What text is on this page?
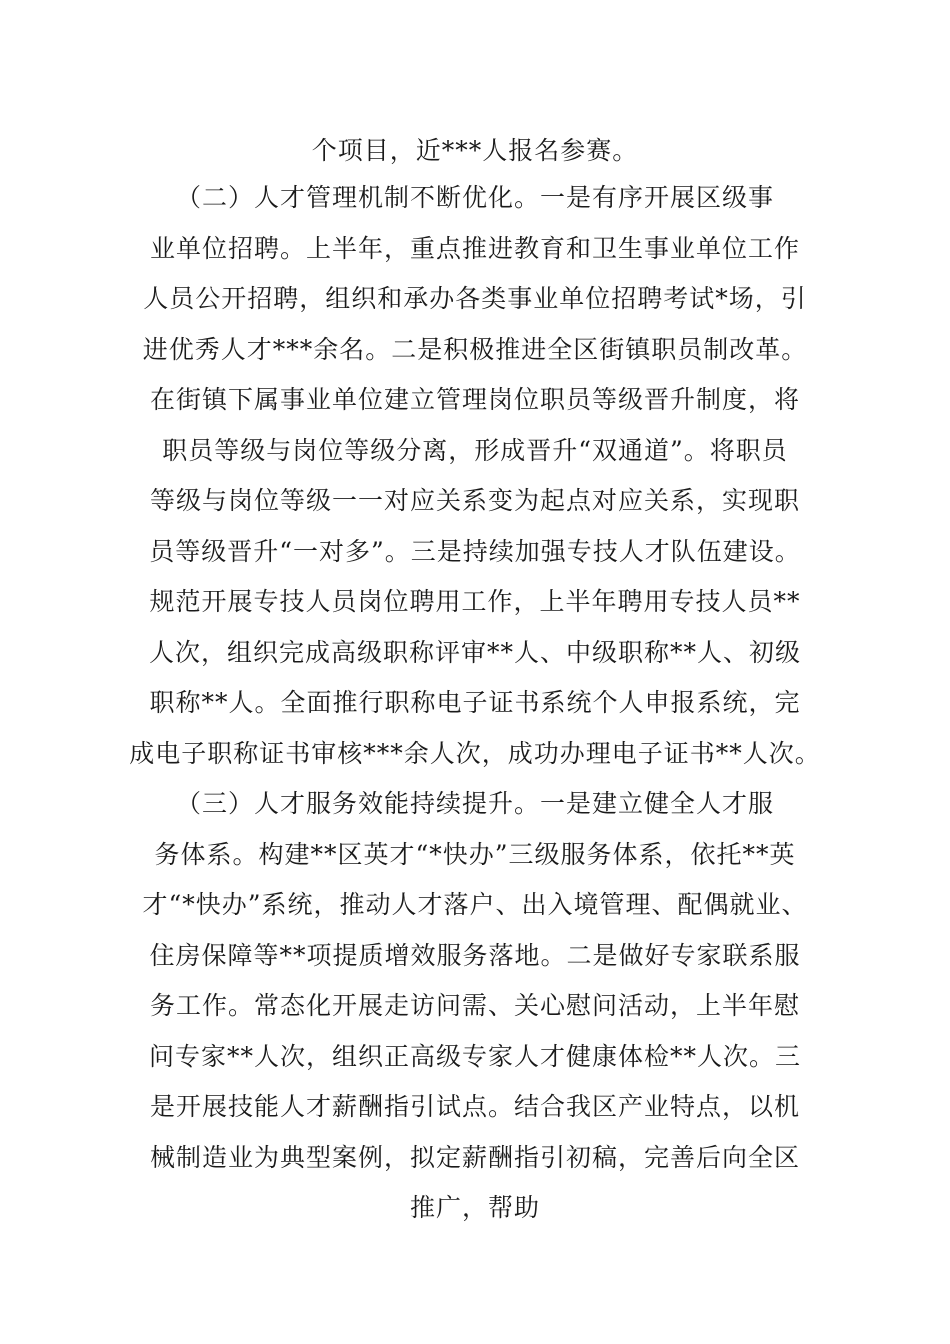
个项目，近***人报名参赛。
（二）人才管理机制不断优化。一是有序开展区级事
业单位招聘。上半年，重点推进教育和卫生事业单位工作
人员公开招聘，组织和承办各类事业单位招聘考试*场，引
进优秀人才***余名。二是积极推进全区街镇职员制改革。
在街镇下属事业单位建立管理岗位职员等级晋升制度，将
职员等级与岗位等级分离，形成晋升“双通道”。将职员
等级与岗位等级一一对应关系变为起点对应关系，实现职
员等级晋升“一对多”。三是持续加强专技人才队伍建设。
规范开展专技人员岗位聘用工作，上半年聘用专技人员**
人次，组织完成高级职称评审**人、中级职称**人、初级
职称**人。全面推行职称电子证书系统个人申报系统，完
成电子职称证书审核***余人次，成功办理电子证书**人次。
（三）人才服务效能持续提升。一是建立健全人才服
务体系。构建**区英才“*快办”三级服务体系，依托**英
才“*快办”系统，推动人才落户、出入境管理、配偶就业、
住房保障等**项提质增效服务落地。二是做好专家联系服
务工作。常态化开展走访问需、关心慰问活动，上半年慰
问专家**人次，组织正高级专家人才健康体检**人次。三
是开展技能人才薪酬指引试点。结合我区产业特点，以机
械制造业为典型案例，拟定薪酬指引初稿，完善后向全区
推广，帮助
